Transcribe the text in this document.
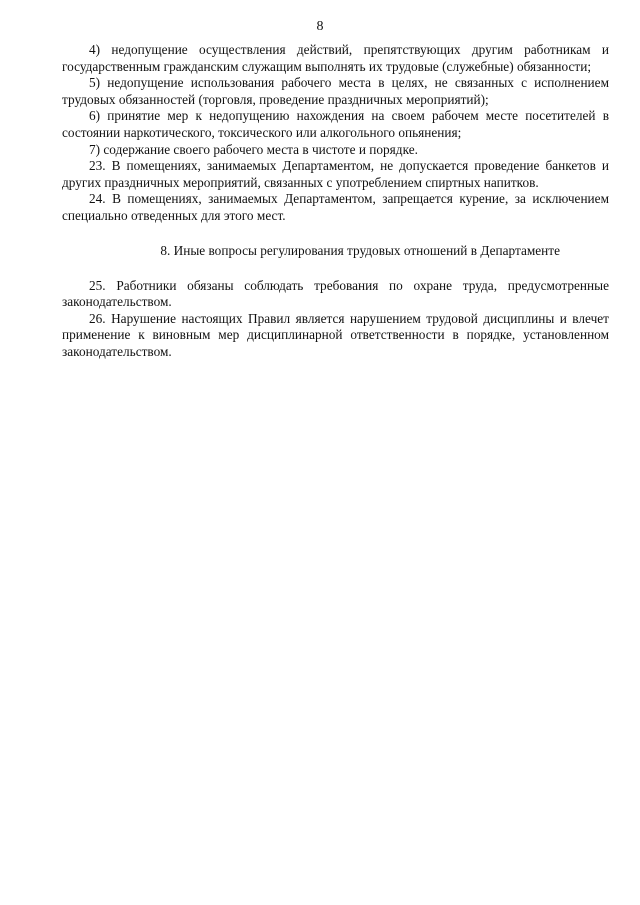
8

4) недопущение осуществления действий, препятствующих другим работникам и государственным гражданским служащим выполнять их трудовые (служебные) обязанности;

5) недопущение использования рабочего места в целях, не связанных с исполнением трудовых обязанностей (торговля, проведение праздничных мероприятий);

6) принятие мер к недопущению нахождения на своем рабочем месте посетителей в состоянии наркотического, токсического или алкогольного опьянения;

7) содержание своего рабочего места в чистоте и порядке.

23. В помещениях, занимаемых Департаментом, не допускается проведение банкетов и других праздничных мероприятий, связанных с употреблением спиртных напитков.

24. В помещениях, занимаемых Департаментом, запрещается курение, за исключением специально отведенных для этого мест.

8. Иные вопросы регулирования трудовых отношений в Департаменте

25. Работники обязаны соблюдать требования по охране труда, предусмотренные законодательством.

26. Нарушение настоящих Правил является нарушением трудовой дисциплины и влечет применение к виновным мер дисциплинарной ответственности в порядке, установленном законодательством.
